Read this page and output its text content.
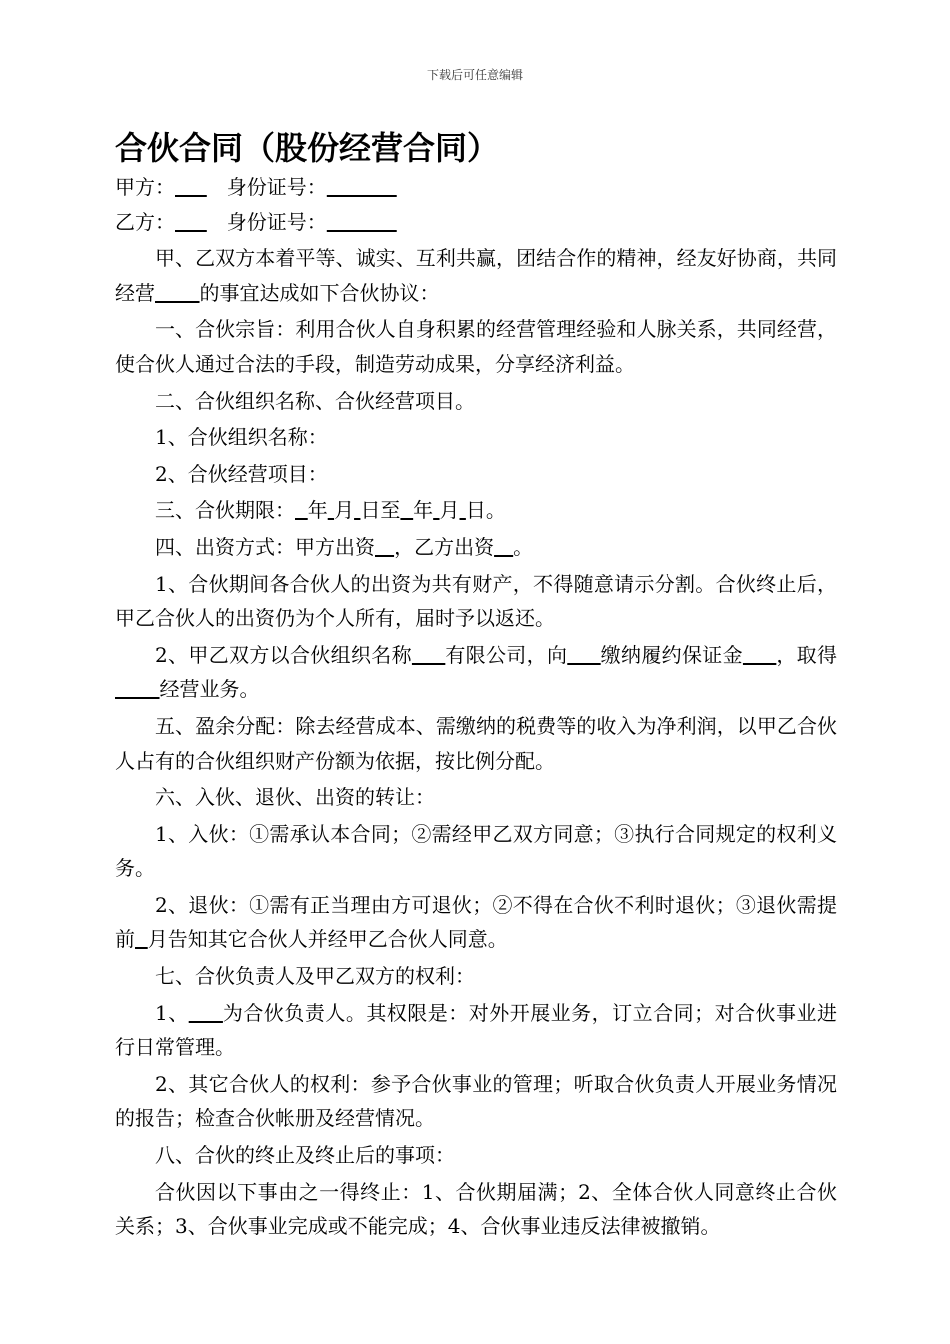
下载后可任意编辑
合伙合同（股份经营合同）

甲方：	身份证号：

乙方：	身份证号：

甲、乙双方本着平等、诚实、互利共赢，团结合作的精神，经友好协商，共同经营 的事宜达成如下合伙协议：

一、合伙宗旨：利用合伙人自身积累的经营管理经验和人脉关系，共同经营，使合伙人通过合法的手段，制造劳动成果，分享经济利益。

二、合伙组织名称、合伙经营项目。

1、合伙组织名称：

2、合伙经营项目：

三、合伙期限： 年 月 日至 年 月 日。

四、出资方式：甲方出资 ，乙方出资 。

1、合伙期间各合伙人的出资为共有财产，不得随意请示分割。合伙终止后，甲乙合伙人的出资仍为个人所有，届时予以返还。

2、甲乙双方以合伙组织名称 有限公司，向 缴纳履约保证金 ，取得       经营业务。

五、盈余分配：除去经营成本、需缴纳的税费等的收入为净利润，以甲乙合伙人占有的合伙组织财产份额为依据，按比例分配。

六、入伙、退伙、出资的转让：

1、入伙：①需承认本合同；②需经甲乙双方同意；③执行合同规定的权利义务。

2、退伙：①需有正当理由方可退伙；②不得在合伙不利时退伙；③退伙需提前 月告知其它合伙人并经甲乙合伙人同意。

七、合伙负责人及甲乙双方的权利：

1、 为合伙负责人。其权限是：对外开展业务，订立合同；对合伙事业进行日常管理。

2、其它合伙人的权利：参予合伙事业的管理；听取合伙负责人开展业务情况的报告；检查合伙帐册及经营情况。

八、合伙的终止及终止后的事项：

合伙因以下事由之一得终止：1、合伙期届满；2、全体合伙人同意终止合伙关系；3、合伙事业完成或不能完成；4、合伙事业违反法律被撤销。
